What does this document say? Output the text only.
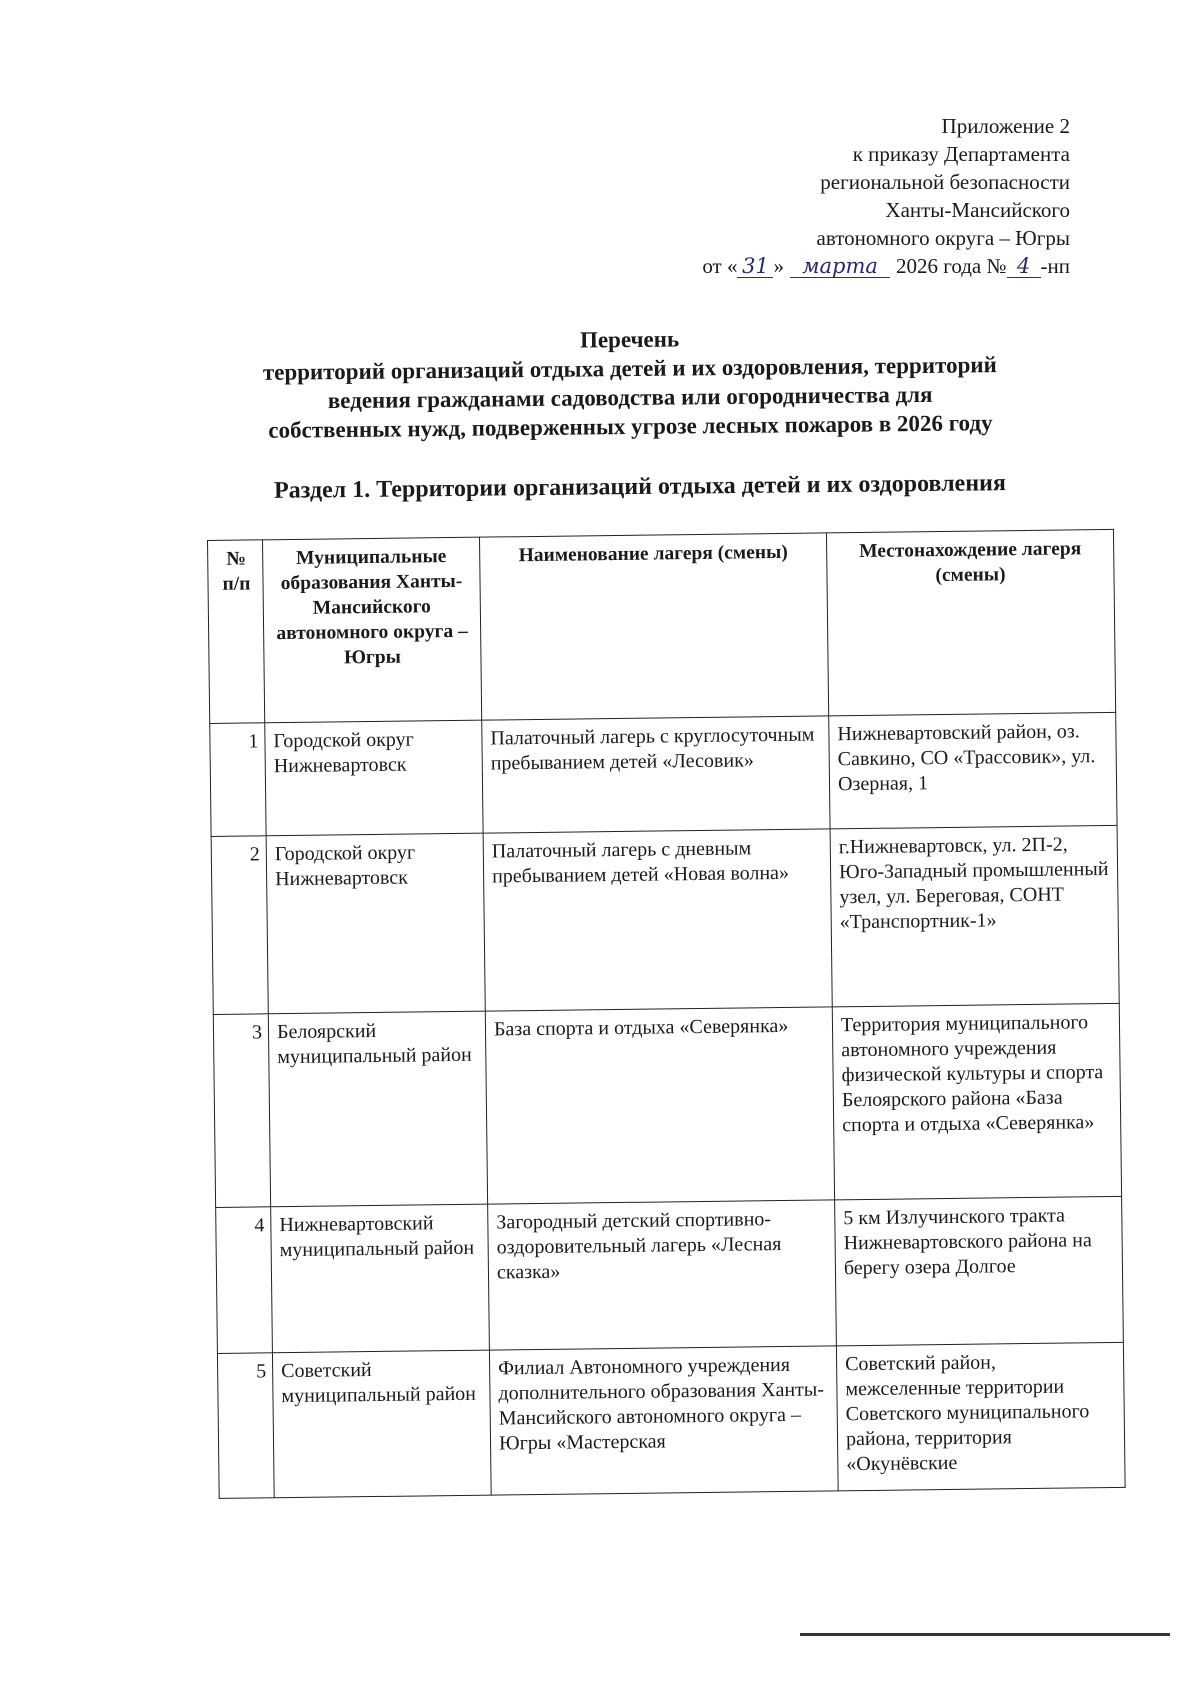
Приложение 2
к приказу Департамента
региональной безопасности
Ханты-Мансийского
автономного округа – Югры
от « 31 » марта 2026 года № 4 -нп
Перечень
территорий организаций отдыха детей и их оздоровления, территорий
ведения гражданами садоводства или огородничества для
собственных нужд, подверженных угрозе лесных пожаров в 2026 году
Раздел 1. Территории организаций отдыха детей и их оздоровления
№ п/п	Муниципальные образования Ханты-Мансийского автономного округа – Югры	Наименование лагеря (смены)	Местонахождение лагеря (смены)
1	Городской округ Нижневартовск	Палаточный лагерь с круглосуточным пребыванием детей «Лесовик»	Нижневартовский район, оз. Савкино, СО «Трассовик», ул. Озерная, 1
2	Городской округ Нижневартовск	Палаточный лагерь с дневным пребыванием детей «Новая волна»	г.Нижневартовск, ул. 2П-2, Юго-Западный промышленный узел, ул. Береговая, СОНТ «Транспортник-1»
3	Белоярский муниципальный район	База спорта и отдыха «Северянка»	Территория муниципального автономного учреждения физической культуры и спорта Белоярского района «База спорта и отдыха «Северянка»
4	Нижневартовский муниципальный район	Загородный детский спортивно-оздоровительный лагерь «Лесная сказка»	5 км Излучинского тракта Нижневартовского района на берегу озера Долгое
5	Советский муниципальный район	Филиал Автономного учреждения дополнительного образования Ханты-Мансийского автономного округа – Югры «Мастерская	Советский район, межселенные территории Советского муниципального района, территория «Окунёвские
